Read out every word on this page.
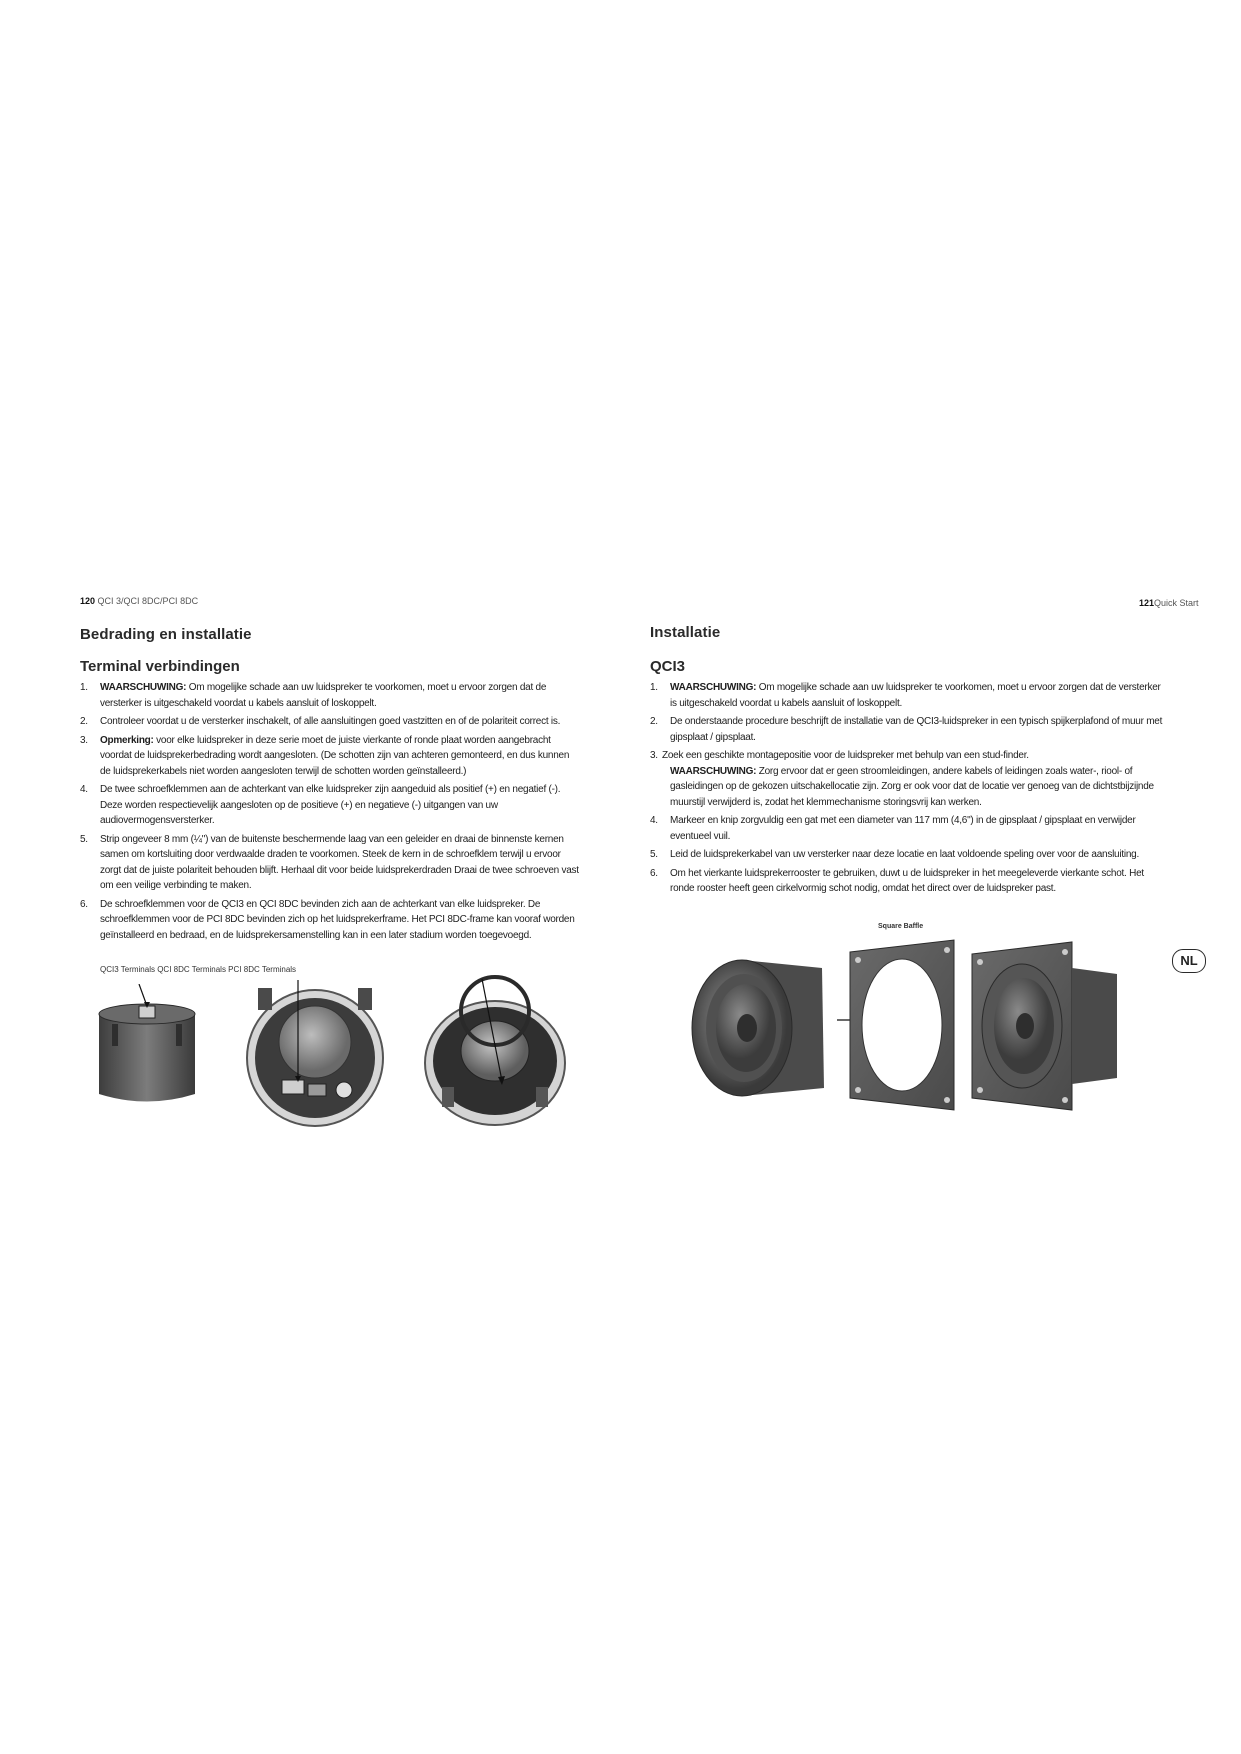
120 QCI 3/QCI 8DC/PCI 8DC
Bedrading en installatie
Terminal verbindingen
1. WAARSCHUWING: Om mogelijke schade aan uw luidspreker te voorkomen, moet u ervoor zorgen dat de versterker is uitgeschakeld voordat u kabels aansluit of loskoppelt.
2. Controleer voordat u de versterker inschakelt, of alle aansluitingen goed vastzitten en of de polariteit correct is.
3. Opmerking: voor elke luidspreker in deze serie moet de juiste vierkante of ronde plaat worden aangebracht voordat de luidsprekerbedrading wordt aangesloten. (De schotten zijn van achteren gemonteerd, en dus kunnen de luidsprekerkabels niet worden aangesloten terwijl de schotten worden geïnstalleerd.)
4. De twee schroefklemmen aan de achterkant van elke luidspreker zijn aangeduid als positief (+) en negatief (-). Deze worden respectievelijk aangesloten op de positieve (+) en negatieve (-) uitgangen van uw audiovermogensversterker.
5. Strip ongeveer 8 mm (¼") van de buitenste beschermende laag van een geleider en draai de binnenste kernen samen om kortsluiting door verdwaalde draden te voorkomen. Steek de kern in de schroefklem terwijl u ervoor zorgt dat de juiste polariteit behouden blijft. Herhaal dit voor beide luidsprekerdraden Draai de twee schroeven vast om een veilige verbinding te maken.
6. De schroefklemmen voor de QCI3 en QCI 8DC bevinden zich aan de achterkant van elke luidspreker. De schroefklemmen voor de PCI 8DC bevinden zich op het luidsprekerframe. Het PCI 8DC-frame kan vooraf worden geïnstalleerd en bedraad, en de luidsprekersamenstelling kan in een later stadium worden toegevoegd.
QCI3 Terminals QCI 8DC Terminals PCI 8DC Terminals
121Quick Start
Installatie
QCI3
1. WAARSCHUWING: Om mogelijke schade aan uw luidspreker te voorkomen, moet u ervoor zorgen dat de versterker is uitgeschakeld voordat u kabels aansluit of loskoppelt.
2. De onderstaande procedure beschrijft de installatie van de QCI3-luidspreker in een typisch spijkerplafond of muur met gipsplaat / gipsplaat.
3. Zoek een geschikte montagepositie voor de luidspreker met behulp van een stud-finder.
WAARSCHUWING: Zorg ervoor dat er geen stroomleidingen, andere kabels of leidingen zoals water-, riool- of gasleidingen op de gekozen uitschakellocatie zijn. Zorg er ook voor dat de locatie ver genoeg van de dichtstbijzijnde muurstijl verwijderd is, zodat het klemmechanisme storingsvrij kan werken.
4. Markeer en knip zorgvuldig een gat met een diameter van 117 mm (4,6") in de gipsplaat / gipsplaat en verwijder eventueel vuil.
5. Leid de luidsprekerkabel van uw versterker naar deze locatie en laat voldoende speling over voor de aansluiting.
6. Om het vierkante luidsprekerrooster te gebruiken, duwt u de luidspreker in het meegeleverde vierkante schot. Het ronde rooster heeft geen cirkelvormig schot nodig, omdat het direct over de luidspreker past.
Square Baffle
NL
